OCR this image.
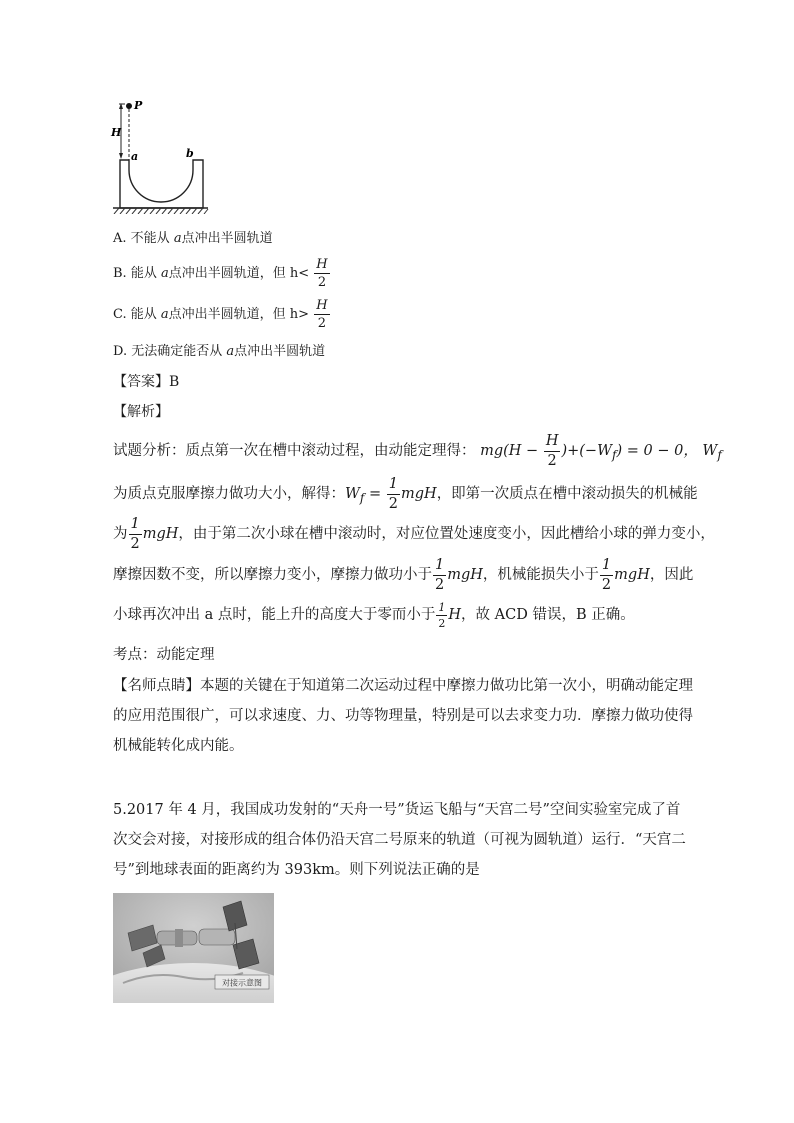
P
H
a	b
A. 不能从 a点冲出半圆轨道
B. 能从 a点冲出半圆轨道，但 $h< \frac{H}{2}$
C. 能从 a点冲出半圆轨道，但 $h> \frac{H}{2}$
D. 无法确定能否从 a点冲出半圆轨道
【答案】B
【解析】
试题分析：质点第一次在槽中滚动过程，由动能定理得： $mg(H - \frac{H}{2} )+(-W_f) = 0 - 0$， $W_f$
为质点克服摩擦力做功大小，解得：$W_f = \frac{1}{2}$ mgH，即第一次质点在槽中滚动损失的机械能
为 $\frac{1}{2}$ mgH，由于第二次小球在槽中滚动时，对应位置处速度变小，因此槽给小球的弹力变小，
摩擦因数不变，所以摩擦力变小，摩擦力做功小于 $\frac{1}{2}$ mgH，机械能损失小于 $\frac{1}{2}$ mgH，因此
小球再次冲出 a 点时，能上升的高度大于零而小于 $\frac{1}{2}$ H，故 ACD 错误，B 正确。
考点：动能定理
【名师点睛】本题的关键在于知道第二次运动过程中摩擦力做功比第一次小，明确动能定理
的应用范围很广，可以求速度、力、功等物理量，特别是可以去求变力功．摩擦力做功使得
机械能转化成内能。
5.2017 年 4 月，我国成功发射的“天舟一号”货运飞船与“天宫二号”空间实验室完成了首
次交会对接，对接形成的组合体仍沿天宫二号原来的轨道（可视为圆轨道）运行．“天宫二
号”到地球表面的距离约为 393km。则下列说法正确的是
对接示意图
